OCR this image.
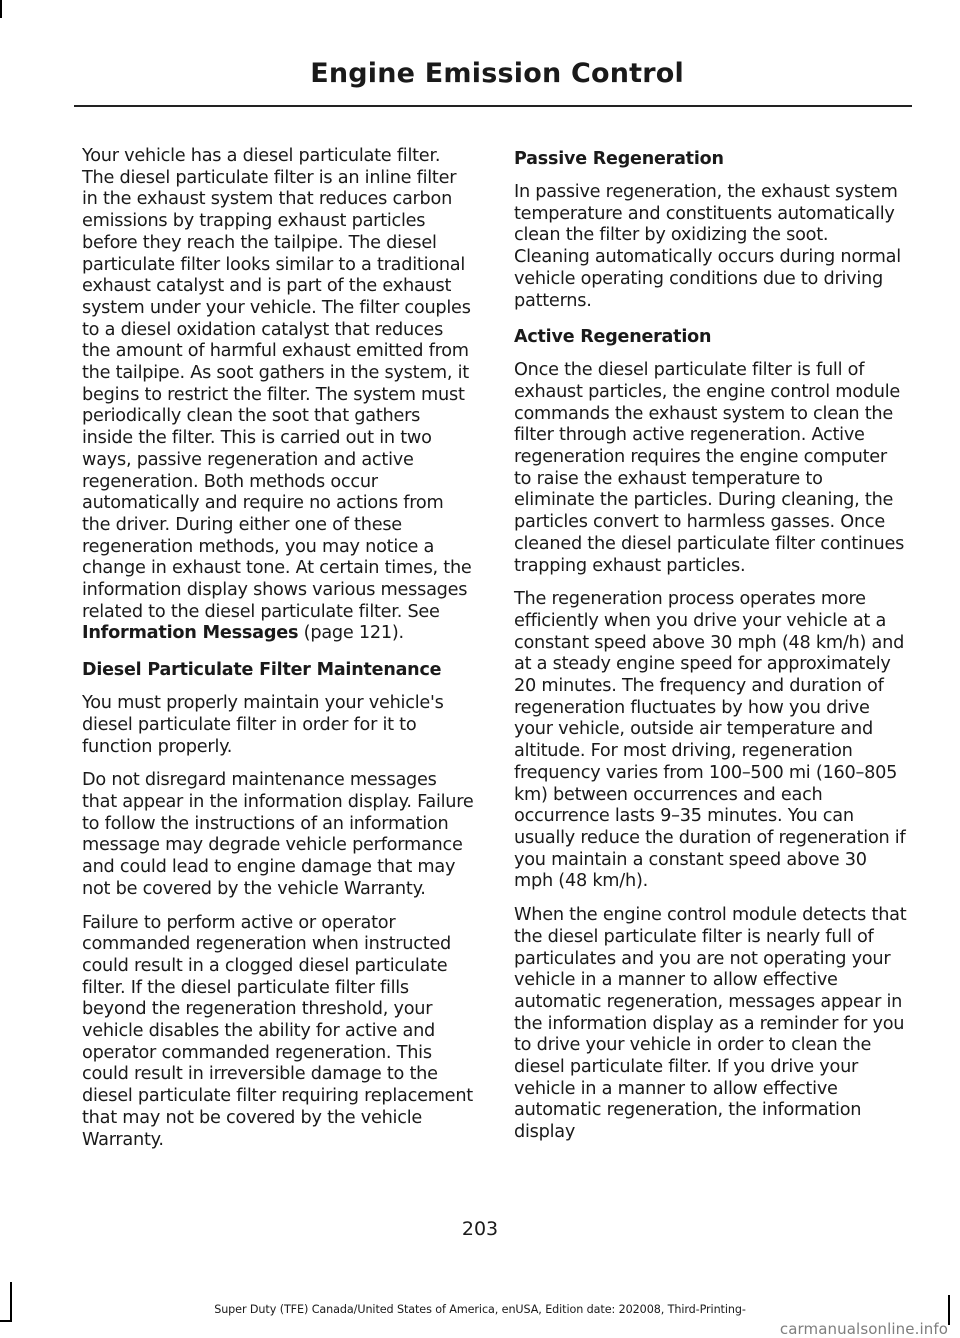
Engine Emission Control

Your vehicle has a diesel particulate filter. The diesel particulate filter is an inline filter in the exhaust system that reduces carbon emissions by trapping exhaust particles before they reach the tailpipe. The diesel particulate filter looks similar to a traditional exhaust catalyst and is part of the exhaust system under your vehicle. The filter couples to a diesel oxidation catalyst that reduces the amount of harmful exhaust emitted from the tailpipe. As soot gathers in the system, it begins to restrict the filter. The system must periodically clean the soot that gathers inside the filter. This is carried out in two ways, passive regeneration and active regeneration. Both methods occur automatically and require no actions from the driver. During either one of these regeneration methods, you may notice a change in exhaust tone. At certain times, the information display shows various messages related to the diesel particulate filter. See Information Messages (page 121).

Diesel Particulate Filter Maintenance

You must properly maintain your vehicle's diesel particulate filter in order for it to function properly.

Do not disregard maintenance messages that appear in the information display. Failure to follow the instructions of an information message may degrade vehicle performance and could lead to engine damage that may not be covered by the vehicle Warranty.

Failure to perform active or operator commanded regeneration when instructed could result in a clogged diesel particulate filter. If the diesel particulate filter fills beyond the regeneration threshold, your vehicle disables the ability for active and operator commanded regeneration. This could result in irreversible damage to the diesel particulate filter requiring replacement that may not be covered by the vehicle Warranty.

Passive Regeneration

In passive regeneration, the exhaust system temperature and constituents automatically clean the filter by oxidizing the soot. Cleaning automatically occurs during normal vehicle operating conditions due to driving patterns.

Active Regeneration

Once the diesel particulate filter is full of exhaust particles, the engine control module commands the exhaust system to clean the filter through active regeneration. Active regeneration requires the engine computer to raise the exhaust temperature to eliminate the particles. During cleaning, the particles convert to harmless gasses. Once cleaned the diesel particulate filter continues trapping exhaust particles.

The regeneration process operates more efficiently when you drive your vehicle at a constant speed above 30 mph (48 km/h) and at a steady engine speed for approximately 20 minutes. The frequency and duration of regeneration fluctuates by how you drive your vehicle, outside air temperature and altitude. For most driving, regeneration frequency varies from 100–500 mi (160–805 km) between occurrences and each occurrence lasts 9–35 minutes. You can usually reduce the duration of regeneration if you maintain a constant speed above 30 mph (48 km/h).

When the engine control module detects that the diesel particulate filter is nearly full of particulates and you are not operating your vehicle in a manner to allow effective automatic regeneration, messages appear in the information display as a reminder for you to drive your vehicle in order to clean the diesel particulate filter. If you drive your vehicle in a manner to allow effective automatic regeneration, the information display

203
Super Duty (TFE) Canada/United States of America, enUSA, Edition date: 202008, Third-Printing-
carmanualsonline.info
